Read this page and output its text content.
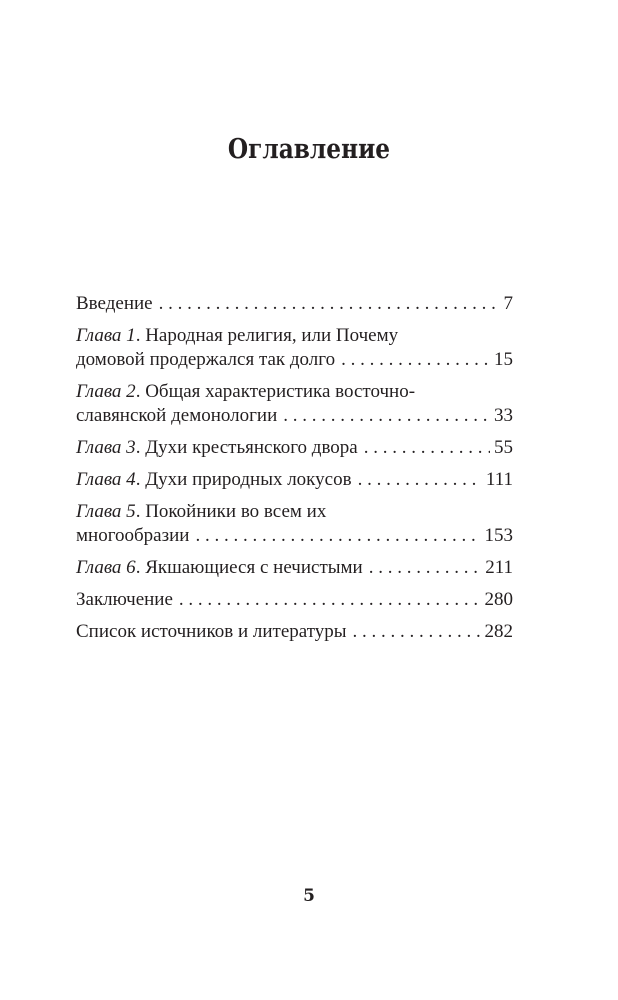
Оглавление
Введение . . .	7
Глава 1. Народная религия, или Почему
домовой продержался так долго . . .	15
Глава 2. Общая характеристика восточно-
славянской демонологии . . .	33
Глава 3. Духи крестьянского двора . . .	55
Глава 4. Духи природных локусов . . .	111
Глава 5. Покойники во всем их
многообразии . . .	153
Глава 6. Якшающиеся с нечистыми . . .	211
Заключение . . .	280
Список источников и литературы . . .	282
5
